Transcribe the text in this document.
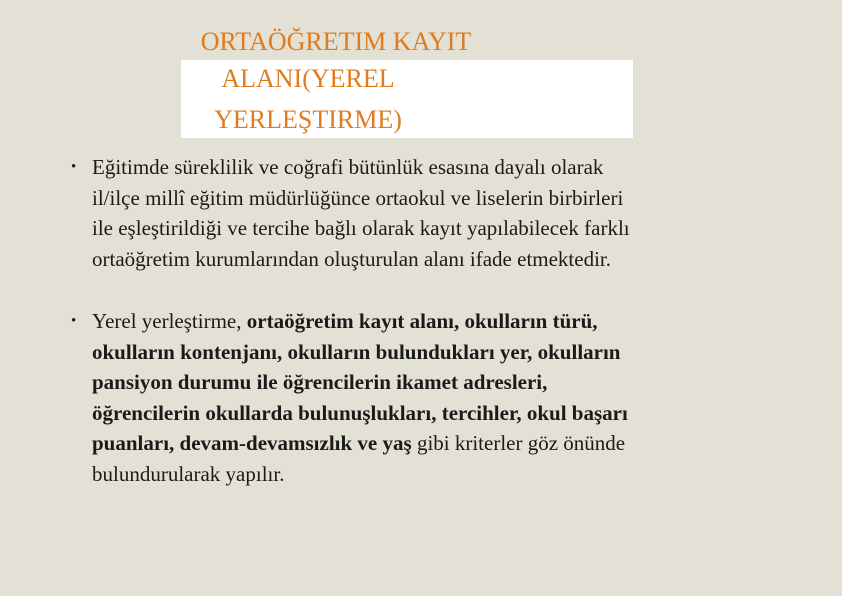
ORTAÖĞRETIM KAYIT
ALANI(YEREL
YERLEŞTIRME)
• Eğitimde süreklilik ve coğrafi bütünlük esasına dayalı olarak
il/ilçe millî eğitim müdürlüğünce ortaokul ve liselerin birbirleri
ile eşleştirildiği ve tercihe bağlı olarak kayıt yapılabilecek farklı
ortaöğretim kurumlarından oluşturulan alanı ifade etmektedir.
• Yerel yerleştirme, ortaöğretim kayıt alanı, okulların türü,
okulların kontenjanı, okulların bulundukları yer, okulların
pansiyon durumu ile öğrencilerin ikamet adresleri,
öğrencilerin okullarda bulunuşlukları, tercihler, okul başarı
puanları, devam-devamsızlık ve yaş gibi kriterler göz önünde
bulundurularak yapılır.
